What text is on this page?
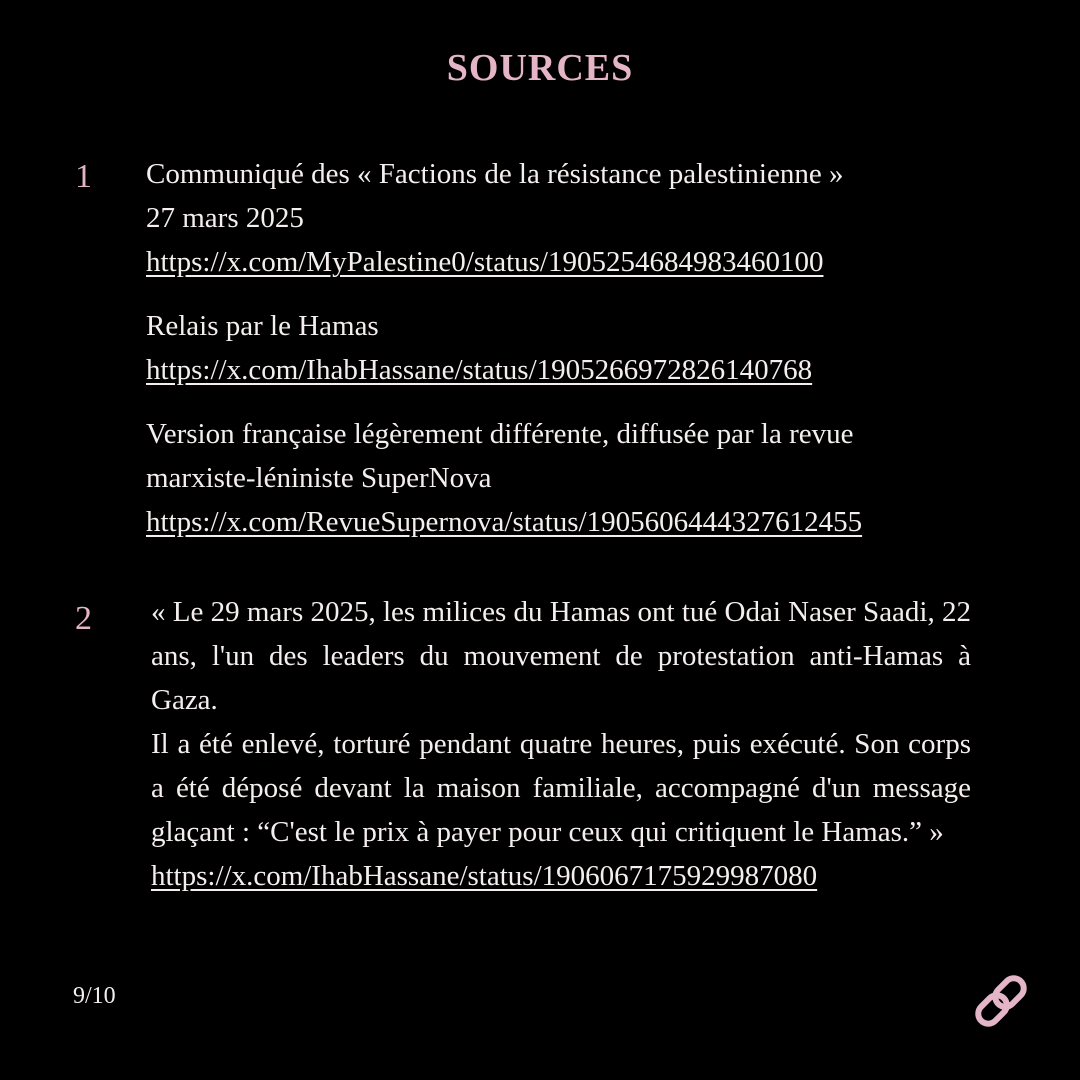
SOURCES
1 Communiqué des « Factions de la résistance palestinienne »

27 mars 2025

https://x.com/MyPalestine0/status/1905254684983460100

Relais par le Hamas

https://x.com/IhabHassane/status/1905266972826140768

Version française légèrement différente, diffusée par la revue

marxiste-léniniste SuperNova

https://x.com/RevueSupernova/status/1905606444327612455

2 « Le 29 mars 2025, les milices du Hamas ont tué Odai Naser Saadi, 22 ans, l'un des leaders du mouvement de protestation anti-Hamas à Gaza.

Il a été enlevé, torturé pendant quatre heures, puis exécuté. Son corps a été déposé devant la maison familiale, accompagné d'un message glaçant : “C'est le prix à payer pour ceux qui critiquent le Hamas.” »

https://x.com/IhabHassane/status/1906067175929987080

9/10
